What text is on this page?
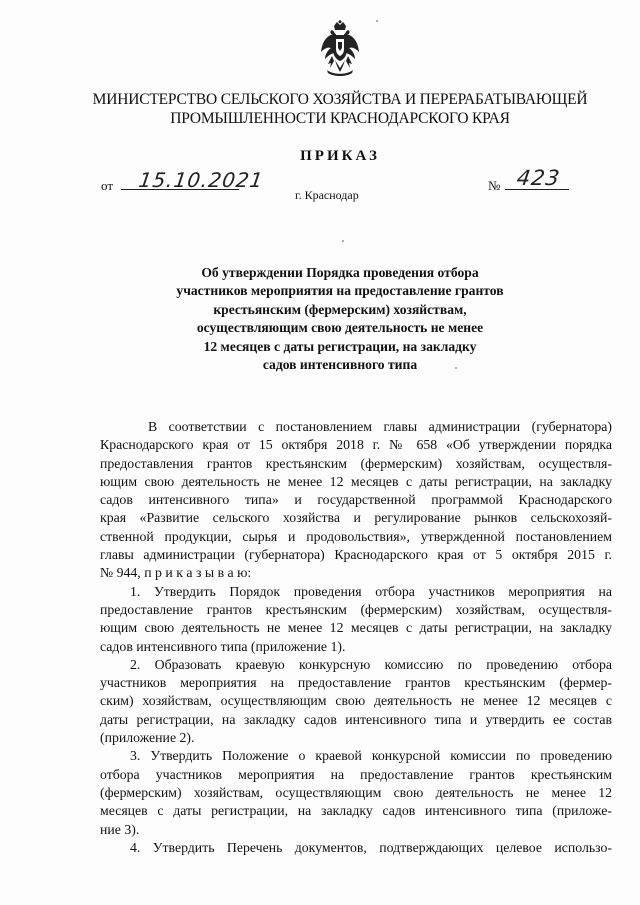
МИНИСТЕРСТВО СЕЛЬСКОГО ХОЗЯЙСТВА И ПЕРЕРАБАТЫВАЮЩЕЙ
ПРОМЫШЛЕННОСТИ КРАСНОДАРСКОГО КРАЯ
ПРИКАЗ
от 15.10.2021	№ 423
г. Краснодар
Об утверждении Порядка проведения отбора
участников мероприятия на предоставление грантов
крестьянским (фермерским) хозяйствам,
осуществляющим свою деятельность не менее
12 месяцев с даты регистрации, на закладку
садов интенсивного типа
В соответствии с постановлением главы администрации (губернатора)
Краснодарского края от 15 октября 2018 г. № 658 «Об утверждении порядка
предоставления грантов крестьянским (фермерским) хозяйствам, осуществля-
ющим свою деятельность не менее 12 месяцев с даты регистрации, на закладку
садов интенсивного типа» и государственной программой Краснодарского
края «Развитие сельского хозяйства и регулирование рынков сельскохозяй-
ственной продукции, сырья и продовольствия», утвержденной постановлением
главы администрации (губернатора) Краснодарского края от 5 октября 2015 г.
№ 944, п р и к а з ы в а ю:
1. Утвердить Порядок проведения отбора участников мероприятия на
предоставление грантов крестьянским (фермерским) хозяйствам, осуществля-
ющим свою деятельность не менее 12 месяцев с даты регистрации, на закладку
садов интенсивного типа (приложение 1).
2. Образовать краевую конкурсную комиссию по проведению отбора
участников мероприятия на предоставление грантов крестьянским (фермер-
ским) хозяйствам, осуществляющим свою деятельность не менее 12 месяцев с
даты регистрации, на закладку садов интенсивного типа и утвердить ее состав
(приложение 2).
3. Утвердить Положение о краевой конкурсной комиссии по проведению
отбора участников мероприятия на предоставление грантов крестьянским
(фермерским) хозяйствам, осуществляющим свою деятельность не менее 12
месяцев с даты регистрации, на закладку садов интенсивного типа (приложе-
ние 3).
4. Утвердить Перечень документов, подтверждающих целевое использо-
